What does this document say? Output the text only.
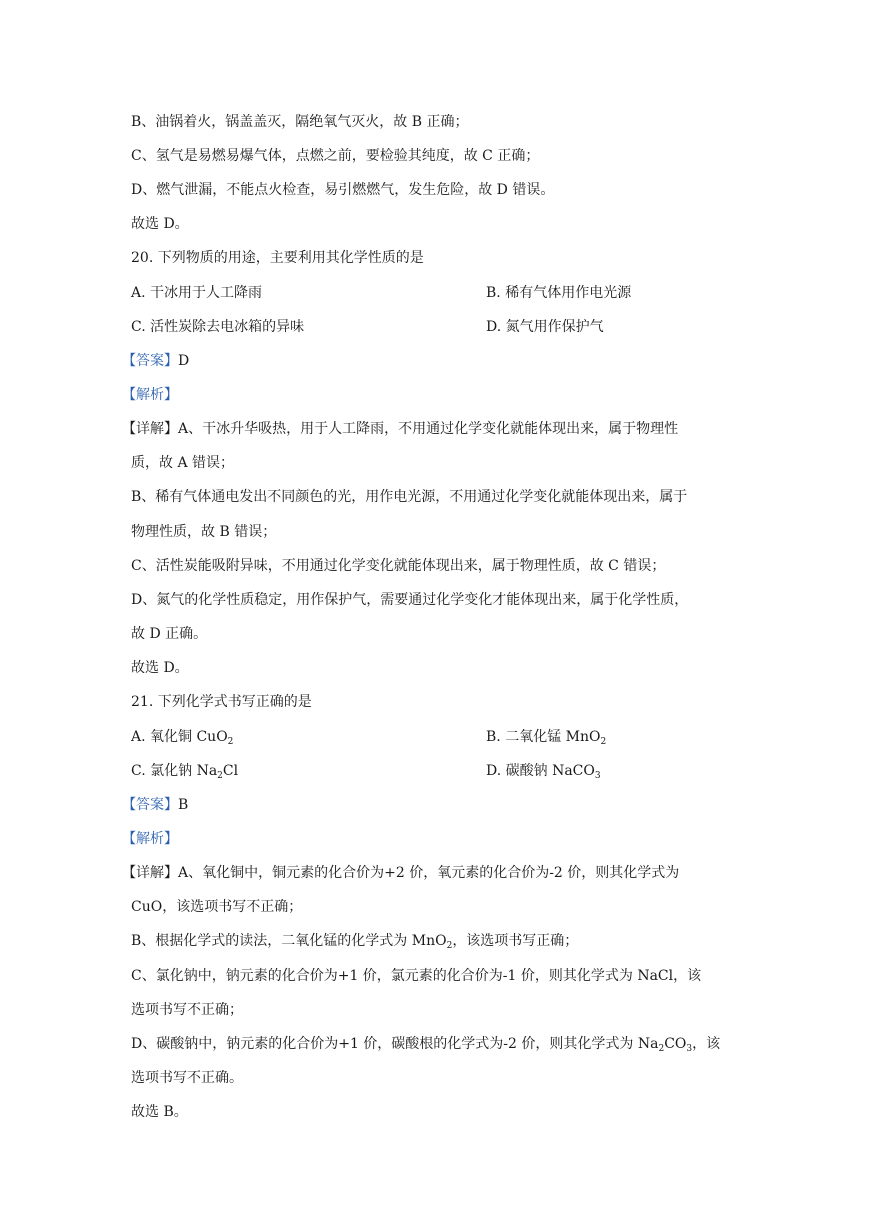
B、油锅着火，锅盖盖灭，隔绝氧气灭火，故 B 正确；
C、氢气是易燃易爆气体，点燃之前，要检验其纯度，故 C 正确；
D、燃气泄漏，不能点火检查，易引燃燃气，发生危险，故 D 错误。
故选 D。
20. 下列物质的用途，主要利用其化学性质的是
A. 干冰用于人工降雨	B. 稀有气体用作电光源
C. 活性炭除去电冰箱的异味	D. 氮气用作保护气
【答案】D
【解析】
【详解】A、干冰升华吸热，用于人工降雨，不用通过化学变化就能体现出来，属于物理性
质，故 A 错误；
B、稀有气体通电发出不同颜色的光，用作电光源，不用通过化学变化就能体现出来，属于
物理性质，故 B 错误；
C、活性炭能吸附异味，不用通过化学变化就能体现出来，属于物理性质，故 C 错误；
D、氮气的化学性质稳定，用作保护气，需要通过化学变化才能体现出来，属于化学性质，
故 D 正确。
故选 D。
21. 下列化学式书写正确的是
A. 氧化铜 CuO$_2$	B. 二氧化锰 MnO$_2$
C. 氯化钠 $Na_2Cl$	D. 碳酸钠 NaCO$_3$
【答案】B
【解析】
【详解】A、氧化铜中，铜元素的化合价为+2 价，氧元素的化合价为-2 价，则其化学式为
CuO，该选项书写不正确；
B、根据化学式的读法，二氧化锰的化学式为 MnO$_2$，该选项书写正确；
C、氯化钠中，钠元素的化合价为+1 价，氯元素的化合价为-1 价，则其化学式为 NaCl，该
选项书写不正确；
D、碳酸钠中，钠元素的化合价为+1 价，碳酸根的化学式为-2 价，则其化学式为 $Na_2CO_3$，该
选项书写不正确。
故选 B。
